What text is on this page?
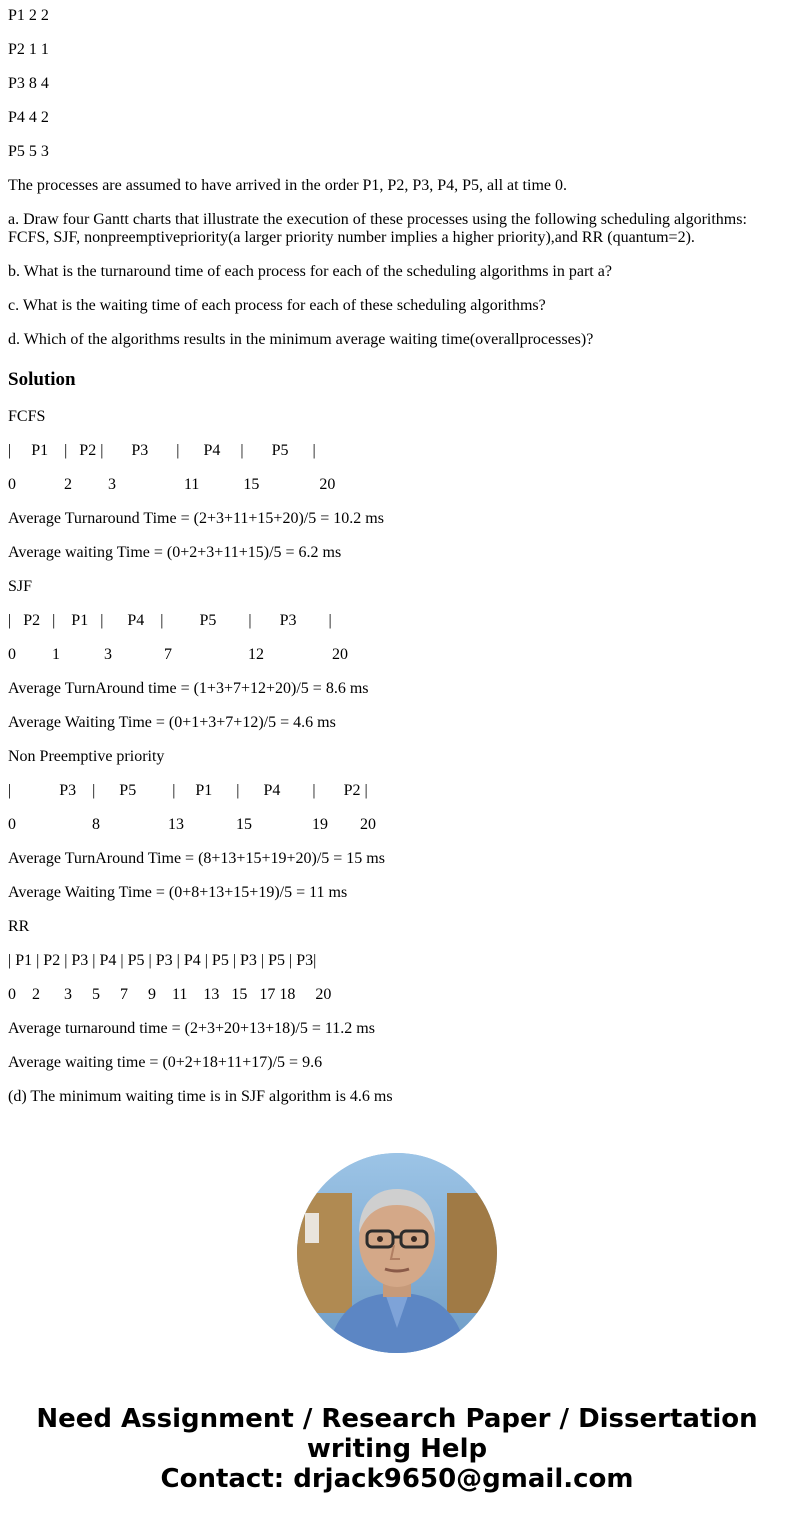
P1 2 2

P2 1 1

P3 8 4

P4 4 2

P5 5 3

The processes are assumed to have arrived in the order P1, P2, P3, P4, P5, all at time 0.

a. Draw four Gantt charts that illustrate the execution of these processes using the following scheduling algorithms: FCFS, SJF, nonpreemptivepriority(a larger priority number implies a higher priority),and RR (quantum=2).

b. What is the turnaround time of each process for each of the scheduling algorithms in part a?

c. What is the waiting time of each process for each of these scheduling algorithms?

d. Which of the algorithms results in the minimum average waiting time(overallprocesses)?

Solution

FCFS

|     P1    |   P2 |       P3       |      P4     |       P5      |

0            2         3                 11           15               20

Average Turnaround Time = (2+3+11+15+20)/5 = 10.2 ms

Average waiting Time = (0+2+3+11+15)/5 = 6.2 ms

SJF

|   P2   |    P1   |      P4    |         P5        |       P3        |

0         1           3             7                   12                 20

Average TurnAround time = (1+3+7+12+20)/5 = 8.6 ms

Average Waiting Time = (0+1+3+7+12)/5 = 4.6 ms

Non Preemptive priority

|            P3    |      P5         |     P1      |      P4        |       P2 |

0                   8                 13             15               19        20

Average TurnAround Time = (8+13+15+19+20)/5 = 15 ms

Average Waiting Time = (0+8+13+15+19)/5 = 11 ms

RR

| P1 | P2 | P3 | P4 | P5 | P3 | P4 | P5 | P3 | P5 | P3|

0    2      3     5     7     9    11    13   15   17 18     20

Average turnaround time = (2+3+20+13+18)/5 = 11.2 ms

Average waiting time = (0+2+18+11+17)/5 = 9.6

(d) The minimum waiting time is in SJF algorithm is 4.6 ms

Need Assignment / Research Paper / Dissertation
writing Help
Contact: drjack9650@gmail.com
